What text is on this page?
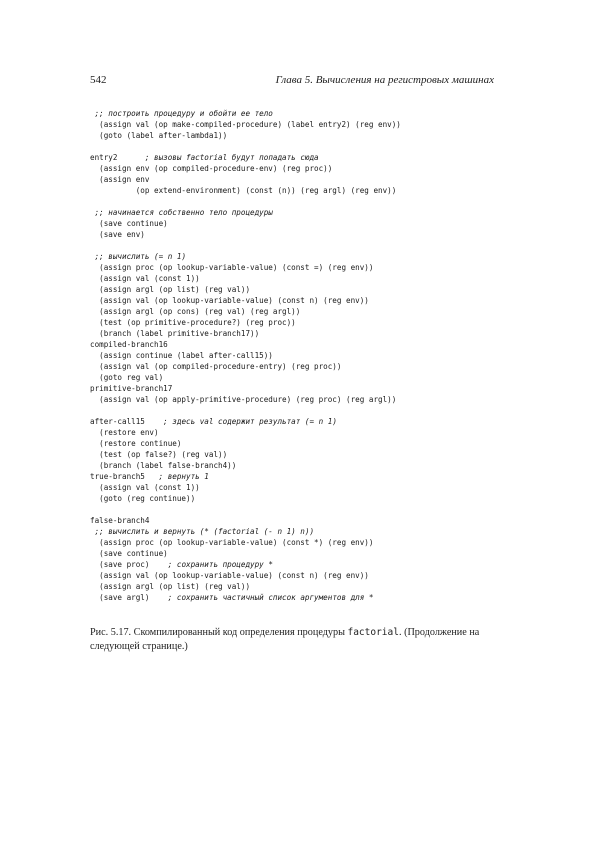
542	Глава 5. Вычисления на регистровых машинах
;; построить процедуру и обойти ее тело
(assign val (op make-compiled-procedure) (label entry2) (reg env))
(goto (label after-lambda1))
entry2      ; вызовы factorial будут попадать сюда
(assign env (op compiled-procedure-env) (reg proc))
(assign env
(op extend-environment) (const (n)) (reg argl) (reg env))
;; начинается собственно тело процедуры
(save continue)
(save env)
;; вычислить (= n 1)
(assign proc (op lookup-variable-value) (const =) (reg env))
(assign val (const 1))
(assign argl (op list) (reg val))
(assign val (op lookup-variable-value) (const n) (reg env))
(assign argl (op cons) (reg val) (reg argl))
(test (op primitive-procedure?) (reg proc))
(branch (label primitive-branch17))
compiled-branch16
(assign continue (label after-call15))
(assign val (op compiled-procedure-entry) (reg proc))
(goto reg val)
primitive-branch17
(assign val (op apply-primitive-procedure) (reg proc) (reg argl))
after-call15    ; здесь val содержит результат (= n 1)
(restore env)
(restore continue)
(test (op false?) (reg val))
(branch (label false-branch4))
true-branch5   ; вернуть 1
(assign val (const 1))
(goto (reg continue))
false-branch4
;; вычислить и вернуть (* (factorial (- n 1) n))
(assign proc (op lookup-variable-value) (const *) (reg env))
(save continue)
(save proc)    ; сохранить процедуру *
(assign val (op lookup-variable-value) (const n) (reg env))
(assign argl (op list) (reg val))
(save argl)    ; сохранить частичный список аргументов для *
Рис. 5.17. Скомпилированный код определения процедуры factorial. (Продолжение на следующей странице.)
